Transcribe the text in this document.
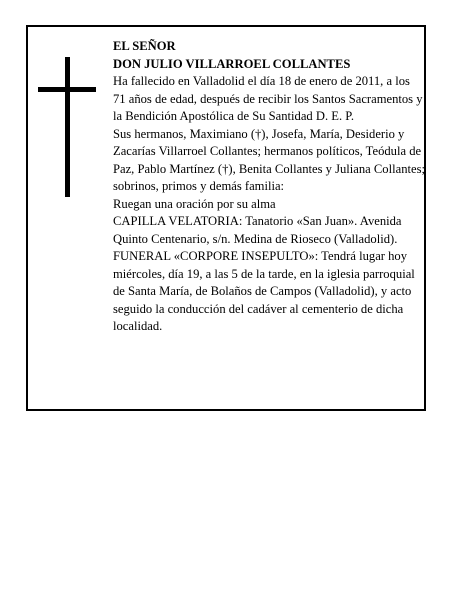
EL SEÑOR

DON JULIO VILLARROEL COLLANTES

Ha fallecido en Valladolid el día 18 de enero de 2011, a los 71 años de edad, después de recibir los Santos Sacramentos y la Bendición Apostólica de Su Santidad D. E. P.

Sus hermanos, Maximiano (†), Josefa, María, Desiderio y Zacarías Villarroel Collantes; hermanos políticos, Teódula de Paz, Pablo Martínez (†), Benita Collantes y Juliana Collantes; sobrinos, primos y demás familia:

Ruegan una oración por su alma

CAPILLA VELATORIA: Tanatorio «San Juan». Avenida Quinto Centenario, s/n. Medina de Rioseco (Valladolid).

FUNERAL «CORPORE INSEPULTO»: Tendrá lugar hoy miércoles, día 19, a las 5 de la tarde, en la iglesia parroquial de Santa María, de Bolaños de Campos (Valladolid), y acto seguido la conducción del cadáver al cementerio de dicha localidad.
